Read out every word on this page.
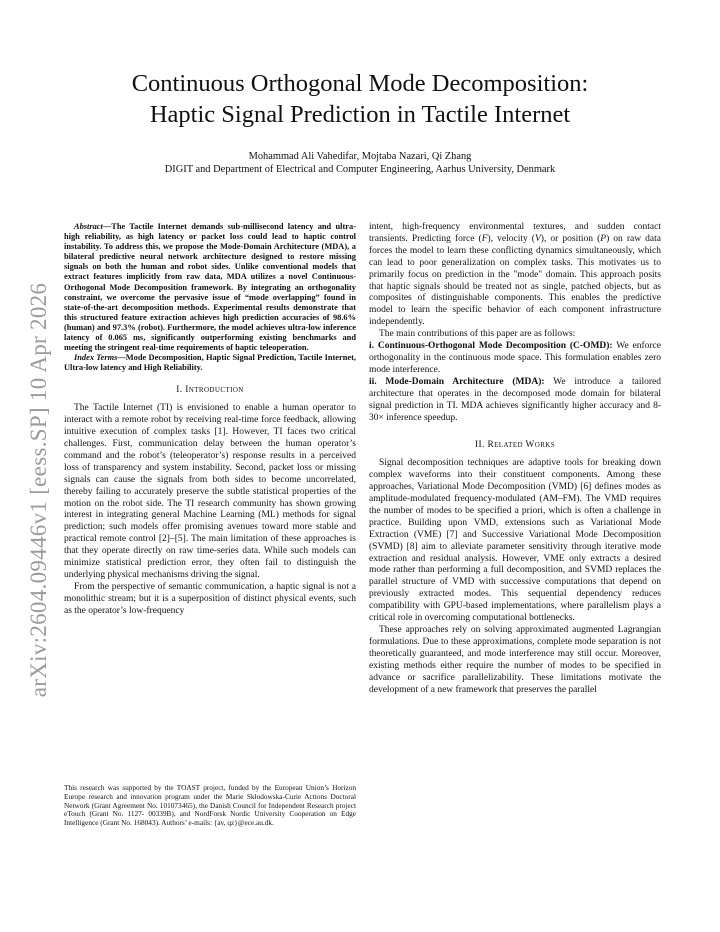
arXiv:2604.09446v1 [eess.SP] 10 Apr 2026
Continuous Orthogonal Mode Decomposition:
Haptic Signal Prediction in Tactile Internet
Mohammad Ali Vahedifar, Mojtaba Nazari, Qi Zhang
DIGIT and Department of Electrical and Computer Engineering, Aarhus University, Denmark

Abstract—The Tactile Internet demands sub-millisecond latency and ultra-high reliability, as high latency or packet loss could lead to haptic control instability. To address this, we propose the Mode-Domain Architecture (MDA), a bilateral predictive neural network architecture designed to restore missing signals on both the human and robot sides. Unlike conventional models that extract features implicitly from raw data, MDA utilizes a novel Continuous-Orthogonal Mode Decomposition framework. By integrating an orthogonality constraint, we overcome the pervasive issue of “mode overlapping” found in state-of-the-art decomposition methods. Experimental results demonstrate that this structured feature extraction achieves high prediction accuracies of 98.6% (human) and 97.3% (robot). Furthermore, the model achieves ultra-low inference latency of 0.065 ms, significantly outperforming existing benchmarks and meeting the stringent real-time requirements of haptic teleoperation.

Index Terms—Mode Decomposition, Haptic Signal Prediction, Tactile Internet, Ultra-low latency and High Reliability.

I. Introduction

The Tactile Internet (TI) is envisioned to enable a human operator to interact with a remote robot by receiving real-time force feedback, allowing intuitive execution of complex tasks [1]. However, TI faces two critical challenges. First, communication delay between the human operator’s command and the robot’s (teleoperator’s) response results in a perceived loss of transparency and system instability. Second, packet loss or missing signals can cause the signals from both sides to become uncorrelated, thereby failing to accurately preserve the subtle statistical properties of the motion on the robot side. The TI research community has shown growing interest in integrating general Machine Learning (ML) methods for signal prediction; such models offer promising avenues toward more stable and practical remote control [2]–[5]. The main limitation of these approaches is that they operate directly on raw time-series data. While such models can minimize statistical prediction error, they often fail to distinguish the underlying physical mechanisms driving the signal.

From the perspective of semantic communication, a haptic signal is not a monolithic stream; but it is a superposition of distinct physical events, such as the operator’s low-frequency

This research was supported by the TOAST project, funded by the European Union’s Horizon Europe research and innovation program under the Marie Skłodowska-Curie Actions Doctoral Network (Grant Agreement No. 101073465), the Danish Council for Independent Research project eTouch (Grant No. 1127- 00339B), and NordForsk Nordic University Cooperation on Edge Intelligence (Grant No. 168043). Authors’ e-mails: {av, qz}@ece.au.dk.

intent, high-frequency environmental textures, and sudden contact transients. Predicting force (F), velocity (V), or position (P) on raw data forces the model to learn these conflicting dynamics simultaneously, which can lead to poor generalization on complex tasks. This motivates us to primarily focus on prediction in the "mode" domain. This approach posits that haptic signals should be treated not as single, patched objects, but as composites of distinguishable components. This enables the predictive model to learn the specific behavior of each component infrastructure independently.

The main contributions of this paper are as follows:

i. Continuous-Orthogonal Mode Decomposition (C-OMD): We enforce orthogonality in the continuous mode space. This formulation enables zero mode interference.

ii. Mode-Domain Architecture (MDA): We introduce a tailored architecture that operates in the decomposed mode domain for bilateral signal prediction in TI. MDA achieves significantly higher accuracy and 8-30× inference speedup.

II. Related Works

Signal decomposition techniques are adaptive tools for breaking down complex waveforms into their constituent components. Among these approaches, Variational Mode Decomposition (VMD) [6] defines modes as amplitude-modulated frequency-modulated (AM–FM). The VMD requires the number of modes to be specified a priori, which is often a challenge in practice. Building upon VMD, extensions such as Variational Mode Extraction (VME) [7] and Successive Variational Mode Decomposition (SVMD) [8] aim to alleviate parameter sensitivity through iterative mode extraction and residual analysis. However, VME only extracts a desired mode rather than performing a full decomposition, and SVMD replaces the parallel structure of VMD with successive computations that depend on previously extracted modes. This sequential dependency reduces compatibility with GPU-based implementations, where parallelism plays a critical role in overcoming computational bottlenecks.

These approaches rely on solving approximated augmented Lagrangian formulations. Due to these approximations, complete mode separation is not theoretically guaranteed, and mode interference may still occur. Moreover, existing methods either require the number of modes to be specified in advance or sacrifice parallelizability. These limitations motivate the development of a new framework that preserves the parallel
